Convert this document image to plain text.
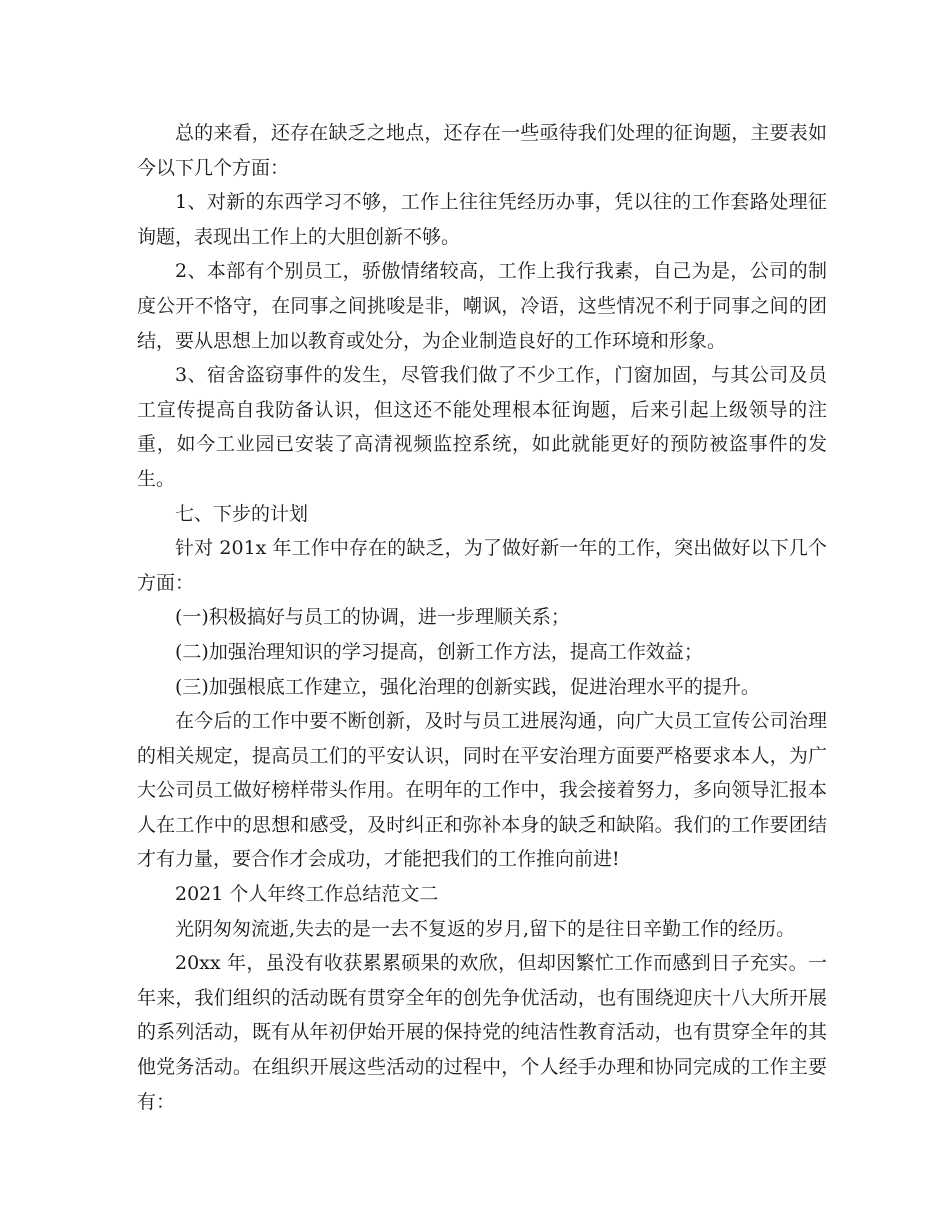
总的来看，还存在缺乏之地点，还存在一些亟待我们处理的征询题，主要表如今以下几个方面：

1、对新的东西学习不够，工作上往往凭经历办事，凭以往的工作套路处理征询题，表现出工作上的大胆创新不够。

2、本部有个别员工，骄傲情绪较高，工作上我行我素，自己为是，公司的制度公开不恪守，在同事之间挑唆是非，嘲讽，冷语，这些情况不利于同事之间的团结，要从思想上加以教育或处分，为企业制造良好的工作环境和形象。

3、宿舍盗窃事件的发生，尽管我们做了不少工作，门窗加固，与其公司及员工宣传提高自我防备认识，但这还不能处理根本征询题，后来引起上级领导的注重，如今工业园已安装了高清视频监控系统，如此就能更好的预防被盗事件的发生。

七、下步的计划

针对 201x 年工作中存在的缺乏，为了做好新一年的工作，突出做好以下几个方面：

(一)积极搞好与员工的协调，进一步理顺关系；

(二)加强治理知识的学习提高，创新工作方法，提高工作效益；

(三)加强根底工作建立，强化治理的创新实践，促进治理水平的提升。

在今后的工作中要不断创新，及时与员工进展沟通，向广大员工宣传公司治理的相关规定，提高员工们的平安认识，同时在平安治理方面要严格要求本人，为广大公司员工做好榜样带头作用。在明年的工作中，我会接着努力，多向领导汇报本人在工作中的思想和感受，及时纠正和弥补本身的缺乏和缺陷。我们的工作要团结才有力量，要合作才会成功，才能把我们的工作推向前进!

2021 个人年终工作总结范文二

光阴匆匆流逝,失去的是一去不复返的岁月,留下的是往日辛勤工作的经历。

20xx 年，虽没有收获累累硕果的欢欣，但却因繁忙工作而感到日子充实。一年来，我们组织的活动既有贯穿全年的创先争优活动，也有围绕迎庆十八大所开展的系列活动，既有从年初伊始开展的保持党的纯洁性教育活动，也有贯穿全年的其他党务活动。在组织开展这些活动的过程中，个人经手办理和协同完成的工作主要有：
